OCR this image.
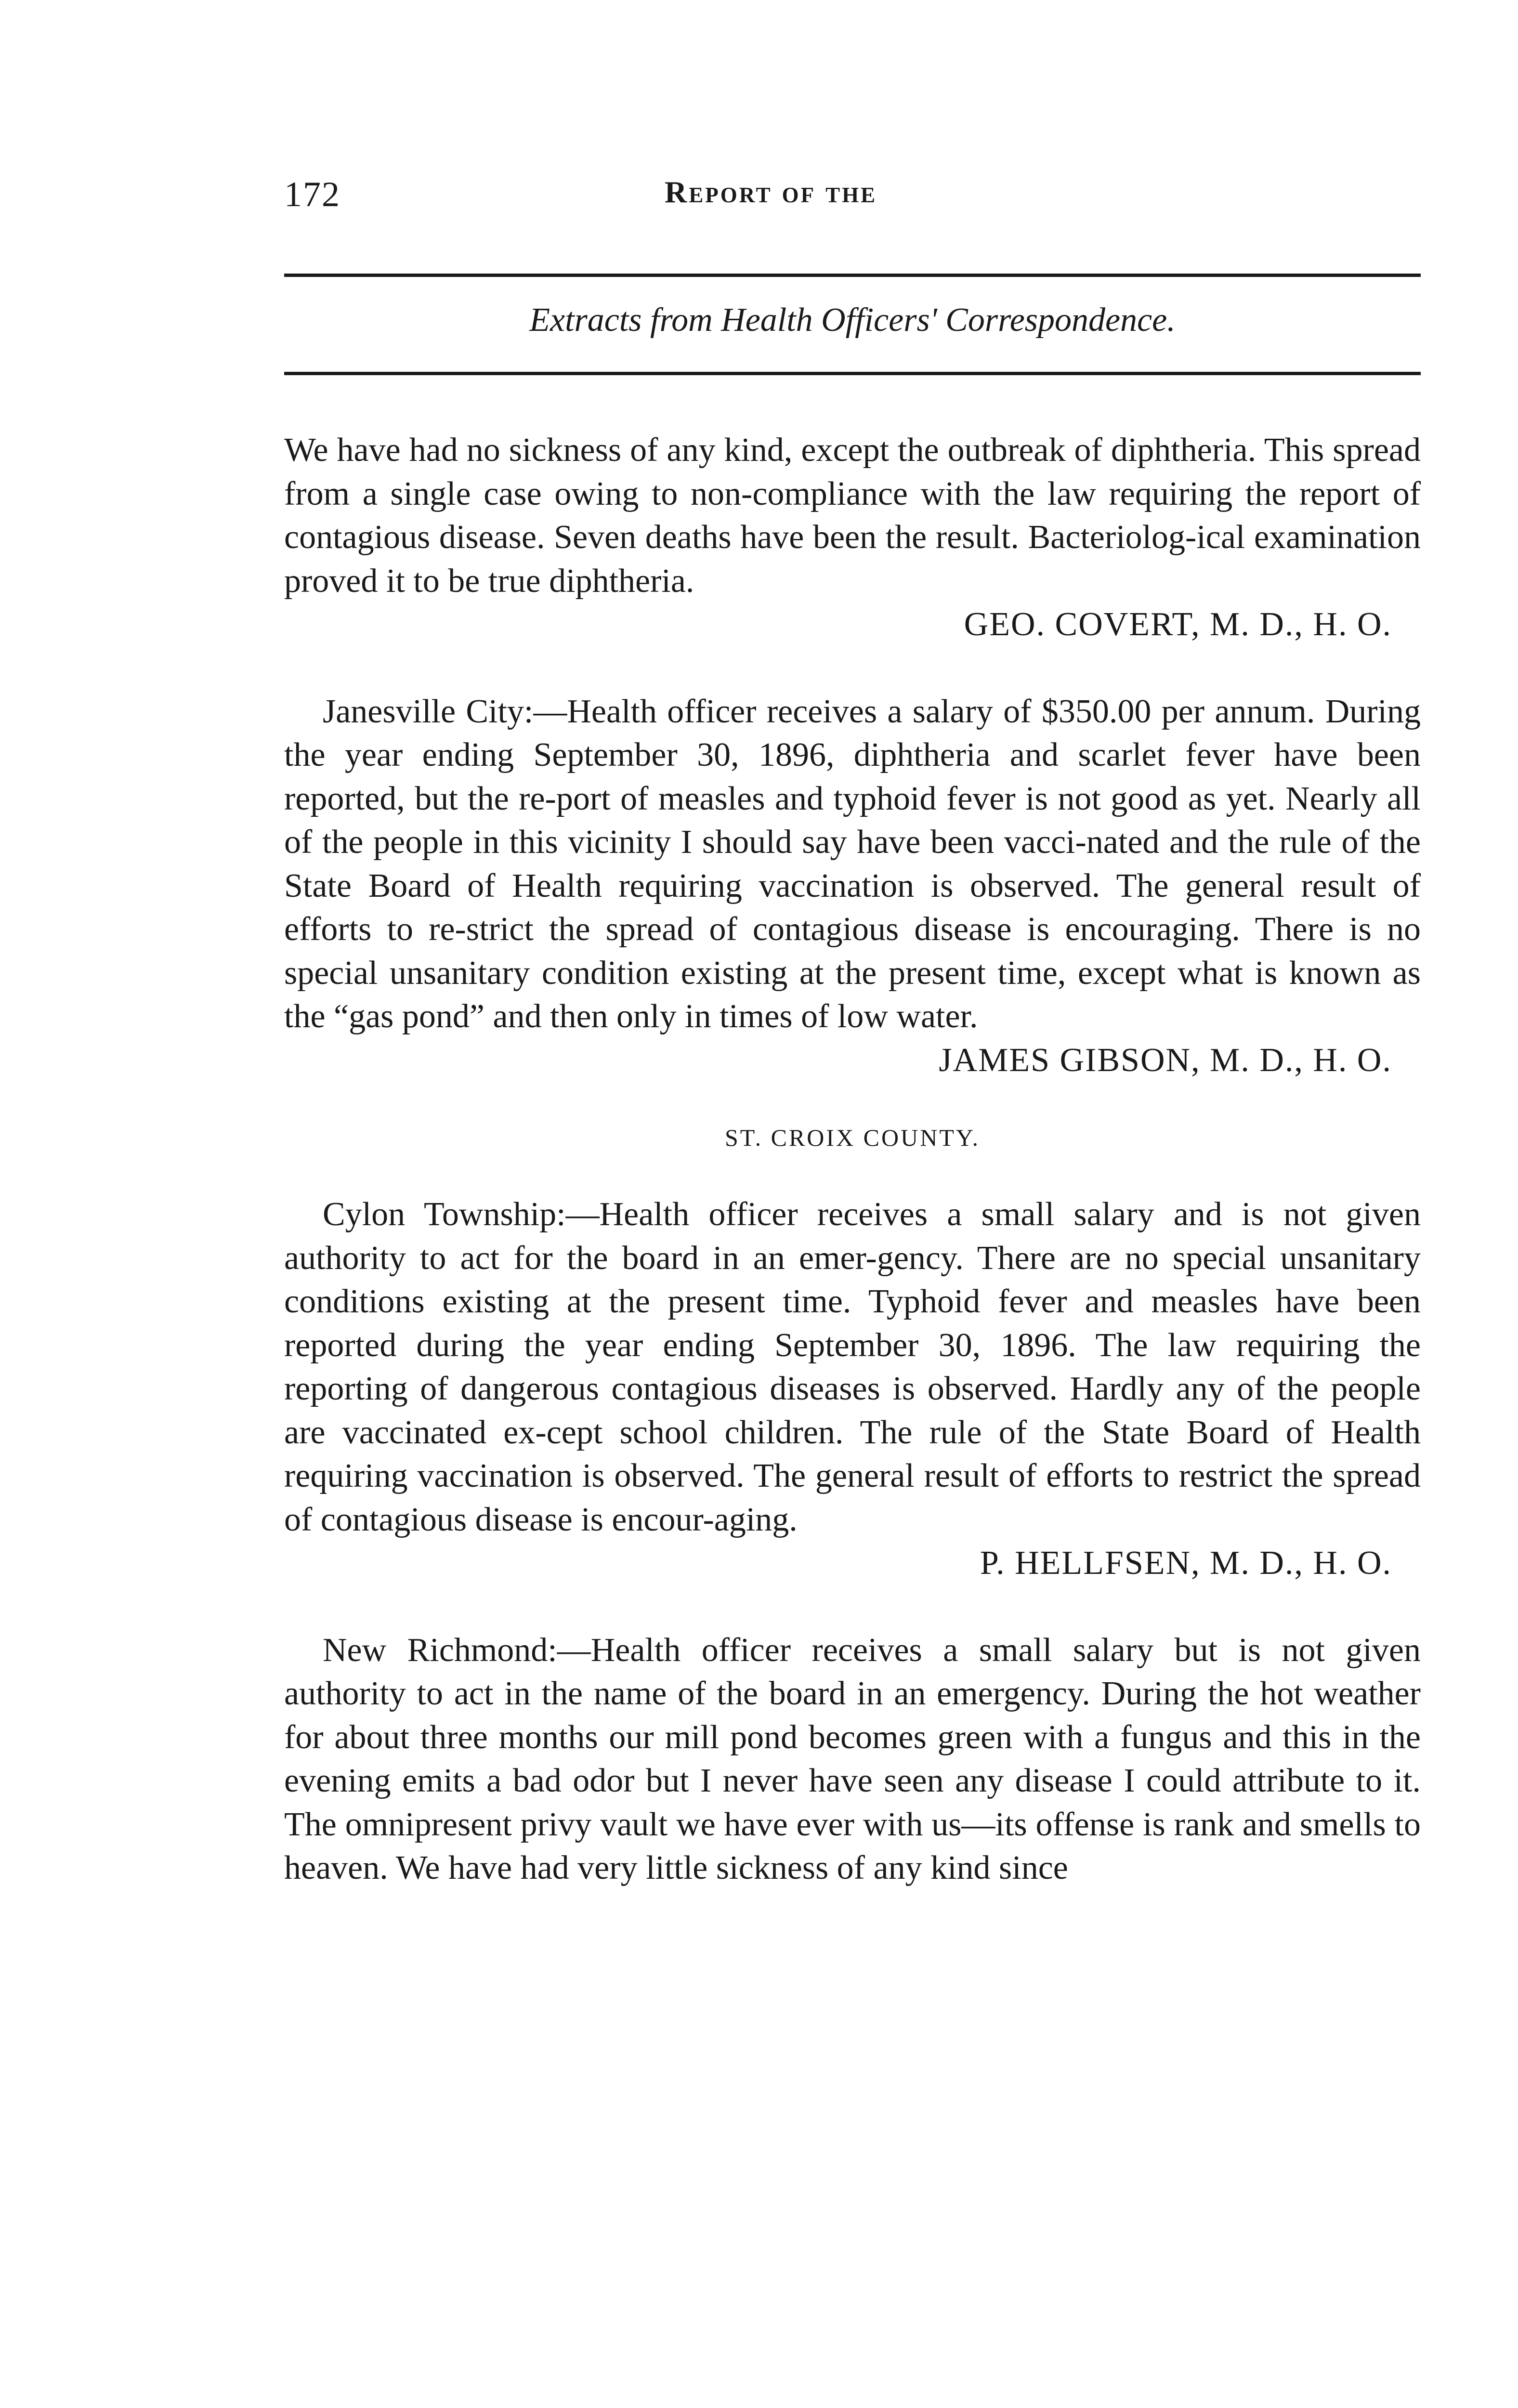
172	Report of the
Extracts from Health Officers' Correspondence.

We have had no sickness of any kind, except the outbreak of diphtheria. This spread from a single case owing to non-compliance with the law requiring the report of contagious disease. Seven deaths have been the result. Bacteriolog-ical examination proved it to be true diphtheria.

GEO. COVERT, M. D., H. O.

Janesville City:—Health officer receives a salary of $350.00 per annum. During the year ending September 30, 1896, diphtheria and scarlet fever have been reported, but the re-port of measles and typhoid fever is not good as yet. Nearly all of the people in this vicinity I should say have been vacci-nated and the rule of the State Board of Health requiring vaccination is observed. The general result of efforts to re-strict the spread of contagious disease is encouraging. There is no special unsanitary condition existing at the present time, except what is known as the “gas pond” and then only in times of low water.

JAMES GIBSON, M. D., H. O.

ST. CROIX COUNTY.

Cylon Township:—Health officer receives a small salary and is not given authority to act for the board in an emer-gency. There are no special unsanitary conditions existing at the present time. Typhoid fever and measles have been reported during the year ending September 30, 1896. The law requiring the reporting of dangerous contagious diseases is observed. Hardly any of the people are vaccinated ex-cept school children. The rule of the State Board of Health requiring vaccination is observed. The general result of efforts to restrict the spread of contagious disease is encour-aging.

P. HELLFSEN, M. D., H. O.

New Richmond:—Health officer receives a small salary but is not given authority to act in the name of the board in an emergency. During the hot weather for about three months our mill pond becomes green with a fungus and this in the evening emits a bad odor but I never have seen any disease I could attribute to it. The omnipresent privy vault we have ever with us—its offense is rank and smells to heaven. We have had very little sickness of any kind since
